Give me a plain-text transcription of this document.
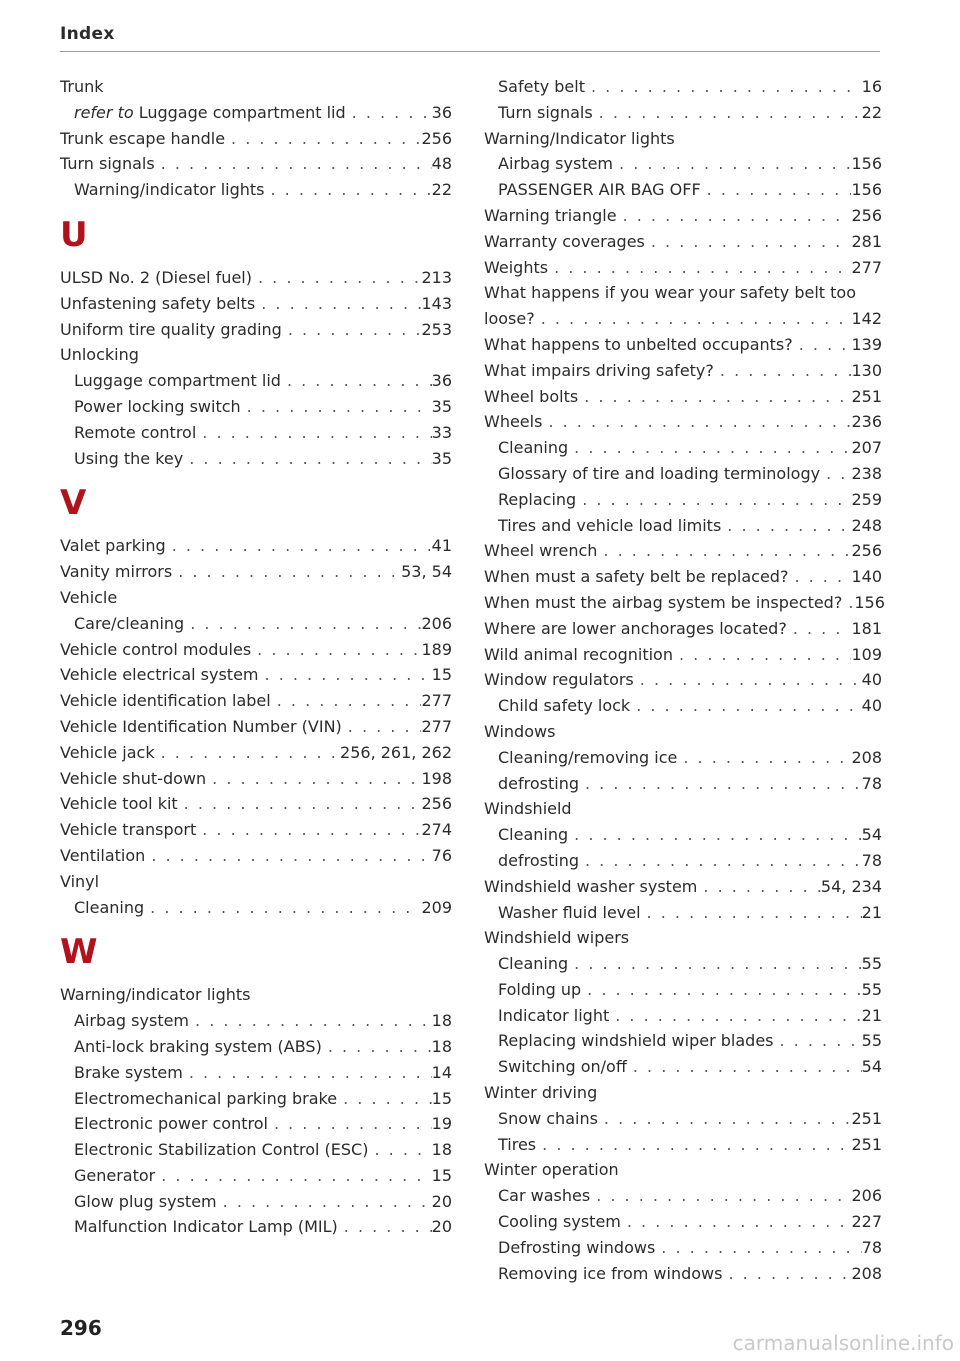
Index
Trunk
refer to Luggage compartment lid . . .	36
Trunk escape handle . . .	256
Turn signals . . .	48
Warning/indicator lights . . .	22
U
ULSD No. 2 (Diesel fuel) . . .	213
Unfastening safety belts . . .	143
Uniform tire quality grading . . .	253
Unlocking
Luggage compartment lid . . .	36
Power locking switch . . .	35
Remote control . . .	33
Using the key . . .	35
V
Valet parking . . .	41
Vanity mirrors . . .	53, 54
Vehicle
Care/cleaning . . .	206
Vehicle control modules . . .	189
Vehicle electrical system . . .	15
Vehicle identification label . . .	277
Vehicle Identification Number (VIN) . . .	277
Vehicle jack . . .	256, 261, 262
Vehicle shut-down . . .	198
Vehicle tool kit . . .	256
Vehicle transport . . .	274
Ventilation . . .	76
Vinyl
Cleaning . . .	209
W
Warning/indicator lights
Airbag system . . .	18
Anti-lock braking system (ABS) . . .	18
Brake system . . .	14
Electromechanical parking brake . . .	15
Electronic power control . . .	19
Electronic Stabilization Control (ESC) . . .	18
Generator . . .	15
Glow plug system . . .	20
Malfunction Indicator Lamp (MIL) . . .	20
Safety belt . . .	16
Turn signals . . .	22
Warning/Indicator lights
Airbag system . . .	156
PASSENGER AIR BAG OFF . . .	156
Warning triangle . . .	256
Warranty coverages . . .	281
Weights . . .	277
What happens if you wear your safety belt too
loose? . . .	142
What happens to unbelted occupants? . . .	139
What impairs driving safety? . . .	130
Wheel bolts . . .	251
Wheels . . .	236
Cleaning . . .	207
Glossary of tire and loading terminology . . . 238
Replacing . . .	259
Tires and vehicle load limits . . .	248
Wheel wrench . . .	256
When must a safety belt be replaced? . . .	140
When must the airbag system be inspected? . . . 156
Where are lower anchorages located? . . .	181
Wild animal recognition . . .	109
Window regulators . . .	40
Child safety lock . . .	40
Windows
Cleaning/removing ice . . .	208
defrosting . . .	78
Windshield
Cleaning . . .	54
defrosting . . .	78
Windshield washer system . . .	54, 234
Washer fluid level . . .	21
Windshield wipers
Cleaning . . .	55
Folding up . . .	55
Indicator light . . .	21
Replacing windshield wiper blades . . .	55
Switching on/off . . .	54
Winter driving
Snow chains . . .	251
Tires . . .	251
Winter operation
Car washes . . .	206
Cooling system . . .	227
Defrosting windows . . .	78
Removing ice from windows . . .	208
296
carmanualsonline.info
